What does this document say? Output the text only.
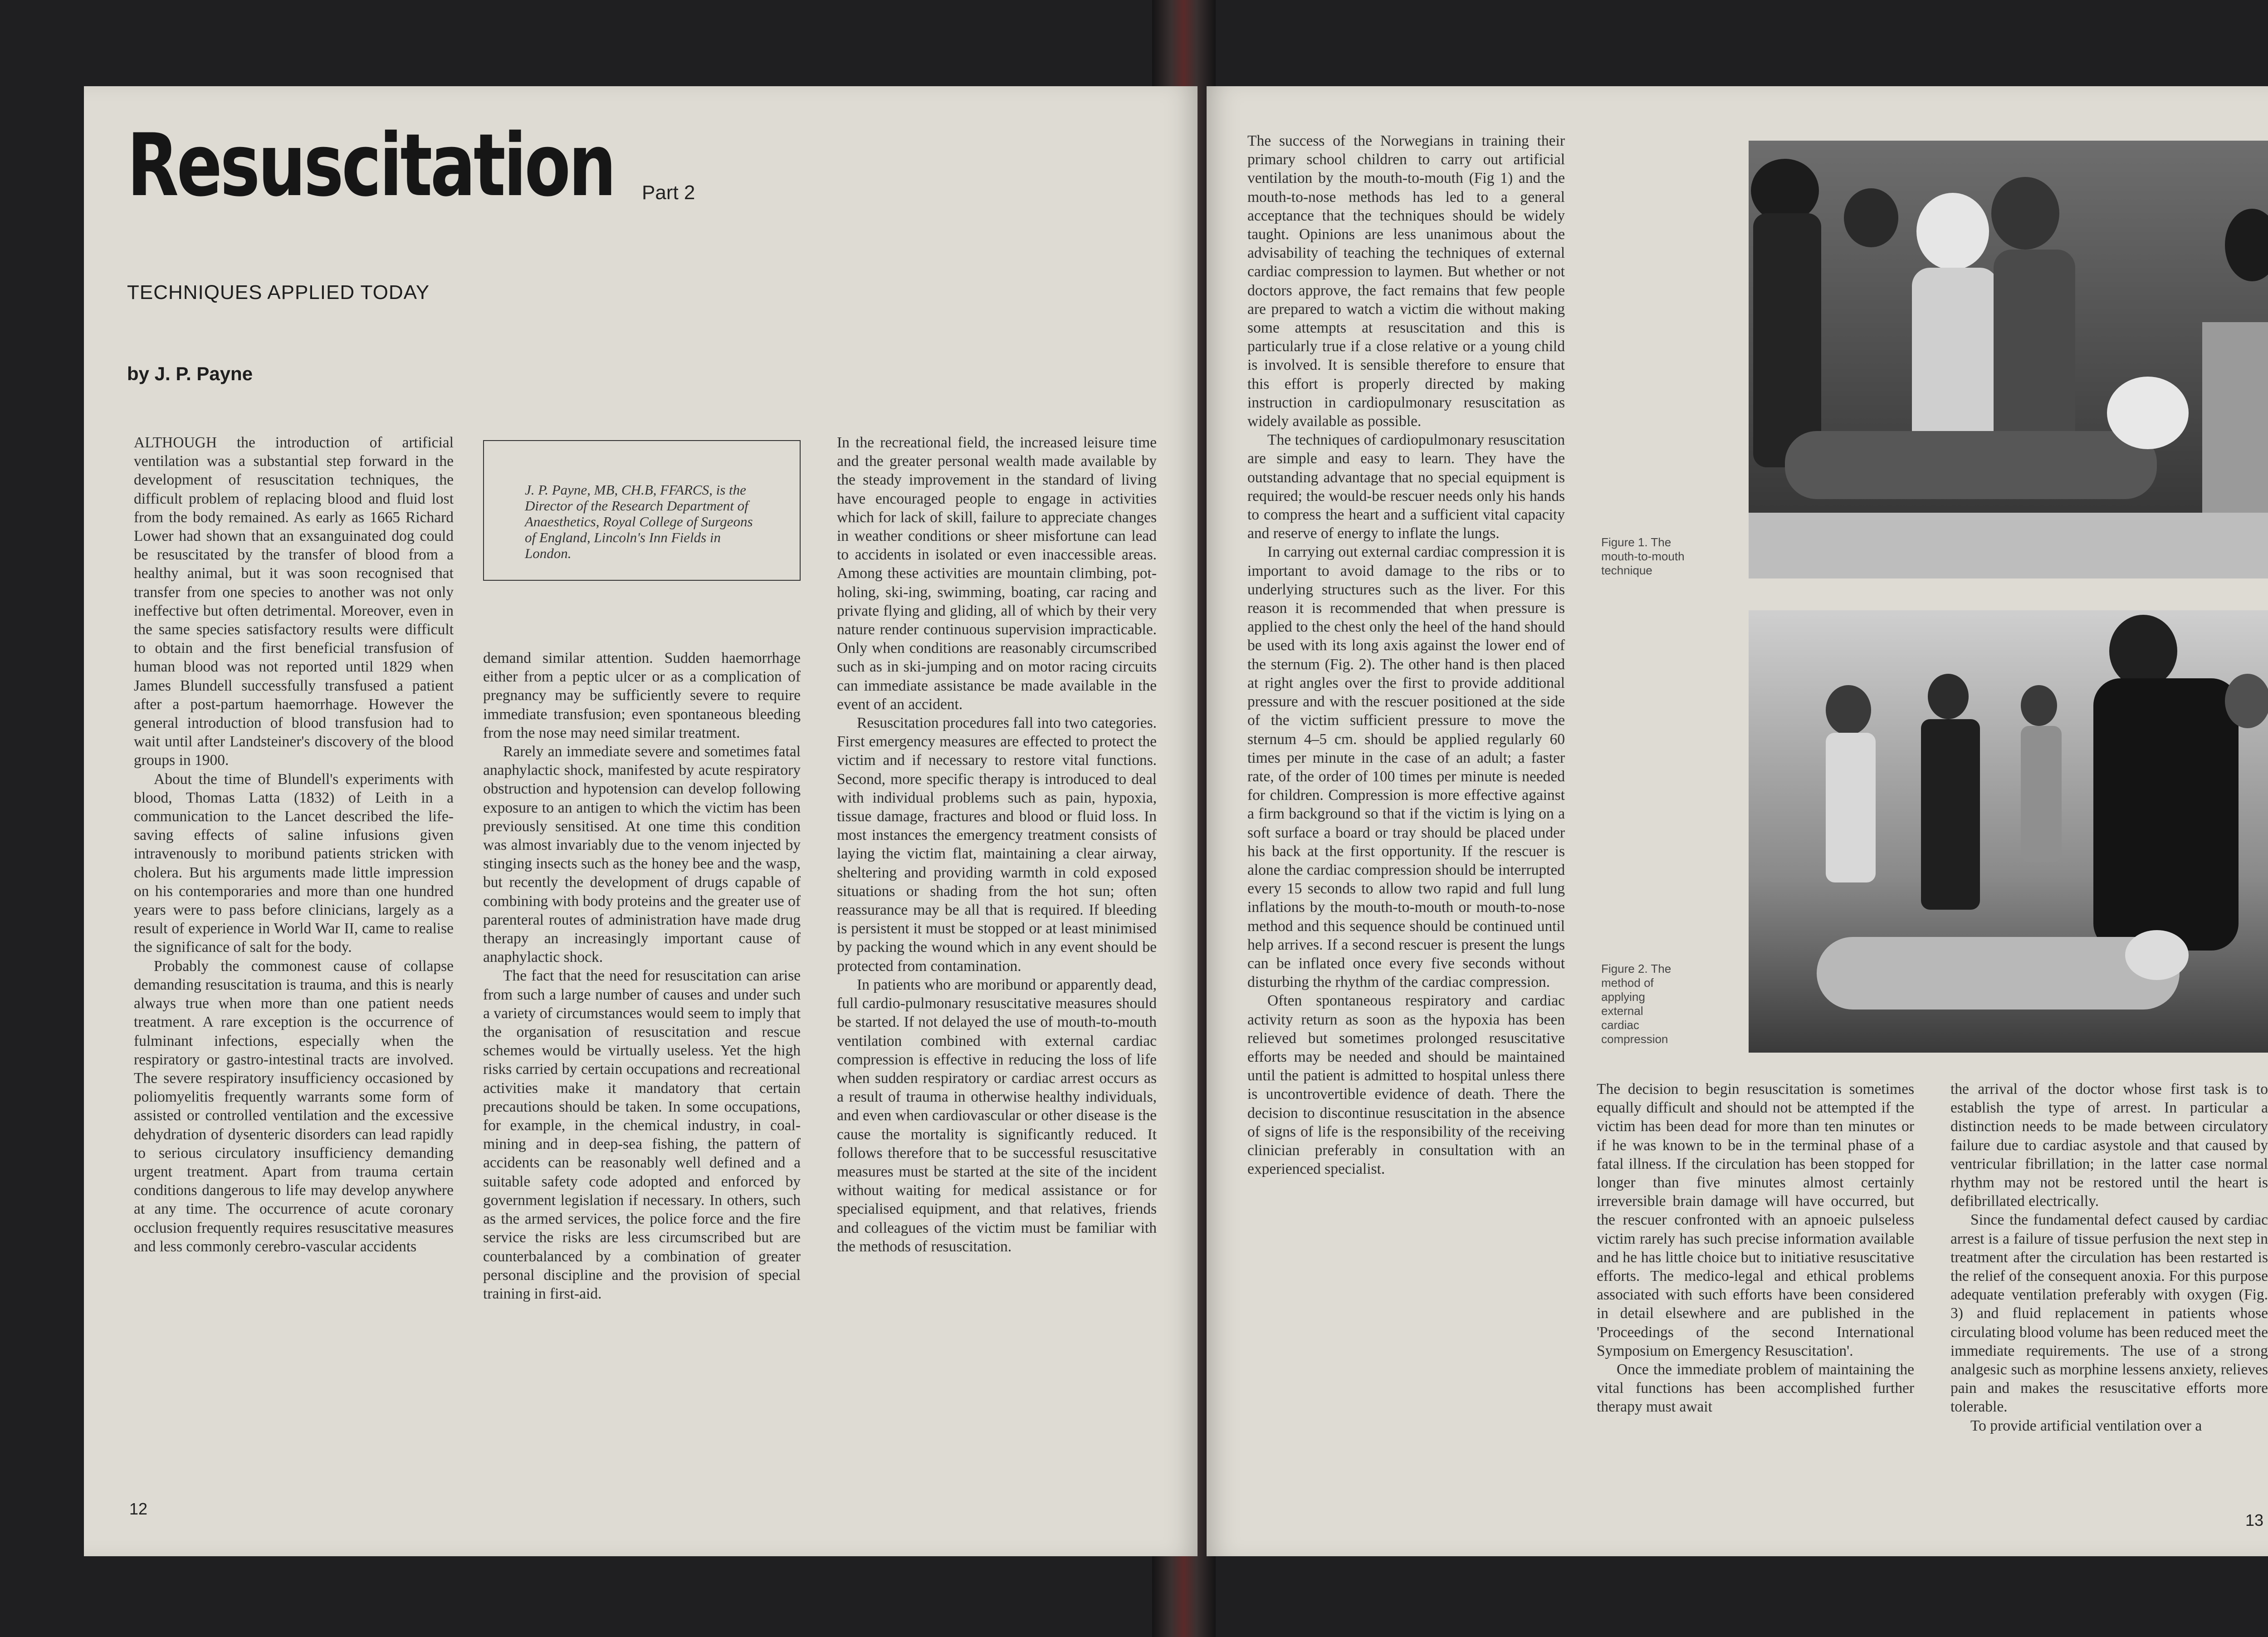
Resuscitation Part 2
TECHNIQUES APPLIED TODAY
by J. P. Payne

ALTHOUGH the introduction of artificial ventilation was a substantial step forward in the development of resuscitation techniques, the difficult problem of replacing blood and fluid lost from the body remained. As early as 1665 Richard Lower had shown that an exsanguinated dog could be resuscitated by the transfer of blood from a healthy animal, but it was soon recognised that transfer from one species to another was not only ineffective but often detrimental. Moreover, even in the same species satisfactory results were difficult to obtain and the first beneficial transfusion of human blood was not reported until 1829 when James Blundell successfully transfused a patient after a post-partum haemorrhage. However the general introduction of blood transfusion had to wait until after Landsteiner's discovery of the blood groups in 1900.

About the time of Blundell's experiments with blood, Thomas Latta (1832) of Leith in a communication to the Lancet described the life-saving effects of saline infusions given intravenously to moribund patients stricken with cholera. But his arguments made little impression on his contemporaries and more than one hundred years were to pass before clinicians, largely as a result of experience in World War II, came to realise the significance of salt for the body.

Probably the commonest cause of collapse demanding resuscitation is trauma, and this is nearly always true when more than one patient needs treatment. A rare exception is the occurrence of fulminant infections, especially when the respiratory or gastro-intestinal tracts are involved. The severe respiratory insufficiency occasioned by poliomyelitis frequently warrants some form of assisted or controlled ventilation and the excessive dehydration of dysenteric disorders can lead rapidly to serious circulatory insufficiency demanding urgent treatment. Apart from trauma certain conditions dangerous to life may develop anywhere at any time. The occurrence of acute coronary occlusion frequently requires resuscitative measures and less commonly cerebro-vascular accidents

J. P. Payne, MB, CH.B, FFARCS, is the Director of the Research Department of Anaesthetics, Royal College of Surgeons of England, Lincoln's Inn Fields in London.

demand similar attention. Sudden haemorrhage either from a peptic ulcer or as a complication of pregnancy may be sufficiently severe to require immediate transfusion; even spontaneous bleeding from the nose may need similar treatment.

Rarely an immediate severe and sometimes fatal anaphylactic shock, manifested by acute respiratory obstruction and hypotension can develop following exposure to an antigen to which the victim has been previously sensitised. At one time this condition was almost invariably due to the venom injected by stinging insects such as the honey bee and the wasp, but recently the development of drugs capable of combining with body proteins and the greater use of parenteral routes of administration have made drug therapy an increasingly important cause of anaphylactic shock.

The fact that the need for resuscitation can arise from such a large number of causes and under such a variety of circumstances would seem to imply that the organisation of resuscitation and rescue schemes would be virtually useless. Yet the high risks carried by certain occupations and recreational activities make it mandatory that certain precautions should be taken. In some occupations, for example, in the chemical industry, in coal-mining and in deep-sea fishing, the pattern of accidents can be reasonably well defined and a suitable safety code adopted and enforced by government legislation if necessary. In others, such as the armed services, the police force and the fire service the risks are less circumscribed but are counterbalanced by a combination of greater personal discipline and the provision of special training in first-aid.

In the recreational field, the increased leisure time and the greater personal wealth made available by the steady improvement in the standard of living have encouraged people to engage in activities which for lack of skill, failure to appreciate changes in weather conditions or sheer misfortune can lead to accidents in isolated or even inaccessible areas. Among these activities are mountain climbing, pot-holing, ski-ing, swimming, boating, car racing and private flying and gliding, all of which by their very nature render continuous supervision impracticable. Only when conditions are reasonably circumscribed such as in ski-jumping and on motor racing circuits can immediate assistance be made available in the event of an accident.

Resuscitation procedures fall into two categories. First emergency measures are effected to protect the victim and if necessary to restore vital functions. Second, more specific therapy is introduced to deal with individual problems such as pain, hypoxia, tissue damage, fractures and blood or fluid loss. In most instances the emergency treatment consists of laying the victim flat, maintaining a clear airway, sheltering and providing warmth in cold exposed situations or shading from the hot sun; often reassurance may be all that is required. If bleeding is persistent it must be stopped or at least minimised by packing the wound which in any event should be protected from contamination.

In patients who are moribund or apparently dead, full cardio-pulmonary resuscitative measures should be started. If not delayed the use of mouth-to-mouth ventilation combined with external cardiac compression is effective in reducing the loss of life when sudden respiratory or cardiac arrest occurs as a result of trauma in otherwise healthy individuals, and even when cardiovascular or other disease is the cause the mortality is significantly reduced. It follows therefore that to be successful resuscitative measures must be started at the site of the incident without waiting for medical assistance or for specialised equipment, and that relatives, friends and colleagues of the victim must be familiar with the methods of resuscitation.

12

The success of the Norwegians in training their primary school children to carry out artificial ventilation by the mouth-to-mouth (Fig 1) and the mouth-to-nose methods has led to a general acceptance that the techniques should be widely taught. Opinions are less unanimous about the advisability of teaching the techniques of external cardiac compression to laymen. But whether or not doctors approve, the fact remains that few people are prepared to watch a victim die without making some attempts at resuscitation and this is particularly true if a close relative or a young child is involved. It is sensible therefore to ensure that this effort is properly directed by making instruction in cardiopulmonary resuscitation as widely available as possible.

The techniques of cardiopulmonary resuscitation are simple and easy to learn. They have the outstanding advantage that no special equipment is required; the would-be rescuer needs only his hands to compress the heart and a sufficient vital capacity and reserve of energy to inflate the lungs.

In carrying out external cardiac compression it is important to avoid damage to the ribs or to underlying structures such as the liver. For this reason it is recommended that when pressure is applied to the chest only the heel of the hand should be used with its long axis against the lower end of the sternum (Fig. 2). The other hand is then placed at right angles over the first to provide additional pressure and with the rescuer positioned at the side of the victim sufficient pressure to move the sternum 4–5 cm. should be applied regularly 60 times per minute in the case of an adult; a faster rate, of the order of 100 times per minute is needed for children. Compression is more effective against a firm background so that if the victim is lying on a soft surface a board or tray should be placed under his back at the first opportunity. If the rescuer is alone the cardiac compression should be interrupted every 15 seconds to allow two rapid and full lung inflations by the mouth-to-mouth or mouth-to-nose method and this sequence should be continued until help arrives. If a second rescuer is present the lungs can be inflated once every five seconds without disturbing the rhythm of the cardiac compression.

Often spontaneous respiratory and cardiac activity return as soon as the hypoxia has been relieved but sometimes prolonged resuscitative efforts may be needed and should be maintained until the patient is admitted to hospital unless there is uncontrovertible evidence of death. There the decision to discontinue resuscitation in the absence of signs of life is the responsibility of the receiving clinician preferably in consultation with an experienced specialist.

Figure 1. The
mouth-to-mouth
technique
Figure 2. The
method of
applying
external
cardiac
compression

The decision to begin resuscitation is sometimes equally difficult and should not be attempted if the victim has been dead for more than ten minutes or if he was known to be in the terminal phase of a fatal illness. If the circulation has been stopped for longer than five minutes almost certainly irreversible brain damage will have occurred, but the rescuer confronted with an apnoeic pulseless victim rarely has such precise information available and he has little choice but to initiative resuscitative efforts. The medico-legal and ethical problems associated with such efforts have been considered in detail elsewhere and are published in the 'Proceedings of the second International Symposium on Emergency Resuscitation'.

Once the immediate problem of maintaining the vital functions has been accomplished further therapy must await

the arrival of the doctor whose first task is to establish the type of arrest. In particular a distinction needs to be made between circulatory failure due to cardiac asystole and that caused by ventricular fibrillation; in the latter case normal rhythm may not be restored until the heart is defibrillated electrically.

Since the fundamental defect caused by cardiac arrest is a failure of tissue perfusion the next step in treatment after the circulation has been restarted is the relief of the consequent anoxia. For this purpose adequate ventilation preferably with oxygen (Fig. 3) and fluid replacement in patients whose circulating blood volume has been reduced meet the immediate requirements. The use of a strong analgesic such as morphine lessens anxiety, relieves pain and makes the resuscitative efforts more tolerable.

To provide artificial ventilation over a

13
